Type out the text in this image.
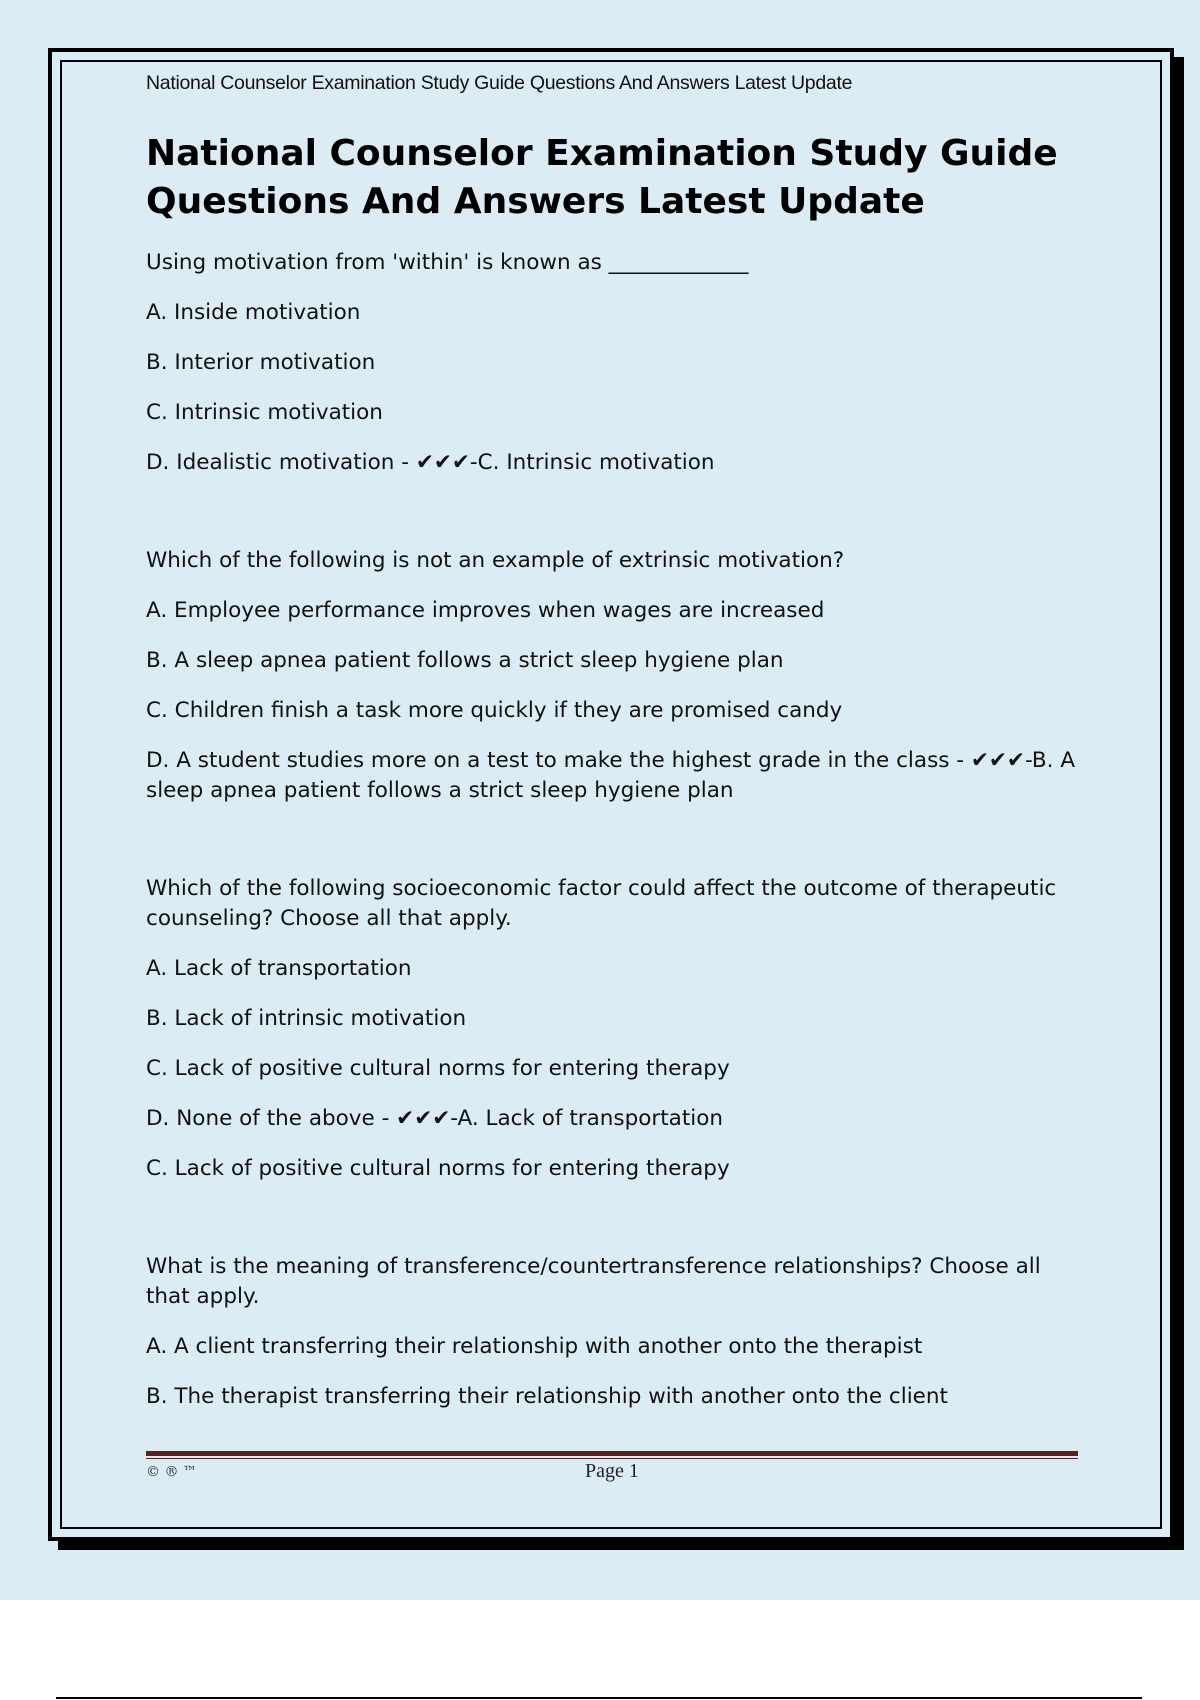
National Counselor Examination Study Guide Questions And Answers Latest Update
National Counselor Examination Study Guide Questions And Answers Latest Update
Using motivation from 'within' is known as _____________
A. Inside motivation
B. Interior motivation
C. Intrinsic motivation
D. Idealistic motivation - ✔✔✔-C. Intrinsic motivation
Which of the following is not an example of extrinsic motivation?
A. Employee performance improves when wages are increased
B. A sleep apnea patient follows a strict sleep hygiene plan
C. Children finish a task more quickly if they are promised candy
D. A student studies more on a test to make the highest grade in the class - ✔✔✔-B. A sleep apnea patient follows a strict sleep hygiene plan
Which of the following socioeconomic factor could affect the outcome of therapeutic counseling? Choose all that apply.
A. Lack of transportation
B. Lack of intrinsic motivation
C. Lack of positive cultural norms for entering therapy
D. None of the above - ✔✔✔-A. Lack of transportation
C. Lack of positive cultural norms for entering therapy
What is the meaning of transference/countertransference relationships? Choose all that apply.
A. A client transferring their relationship with another onto the therapist
B. The therapist transferring their relationship with another onto the client
© ® ™	Page 1
